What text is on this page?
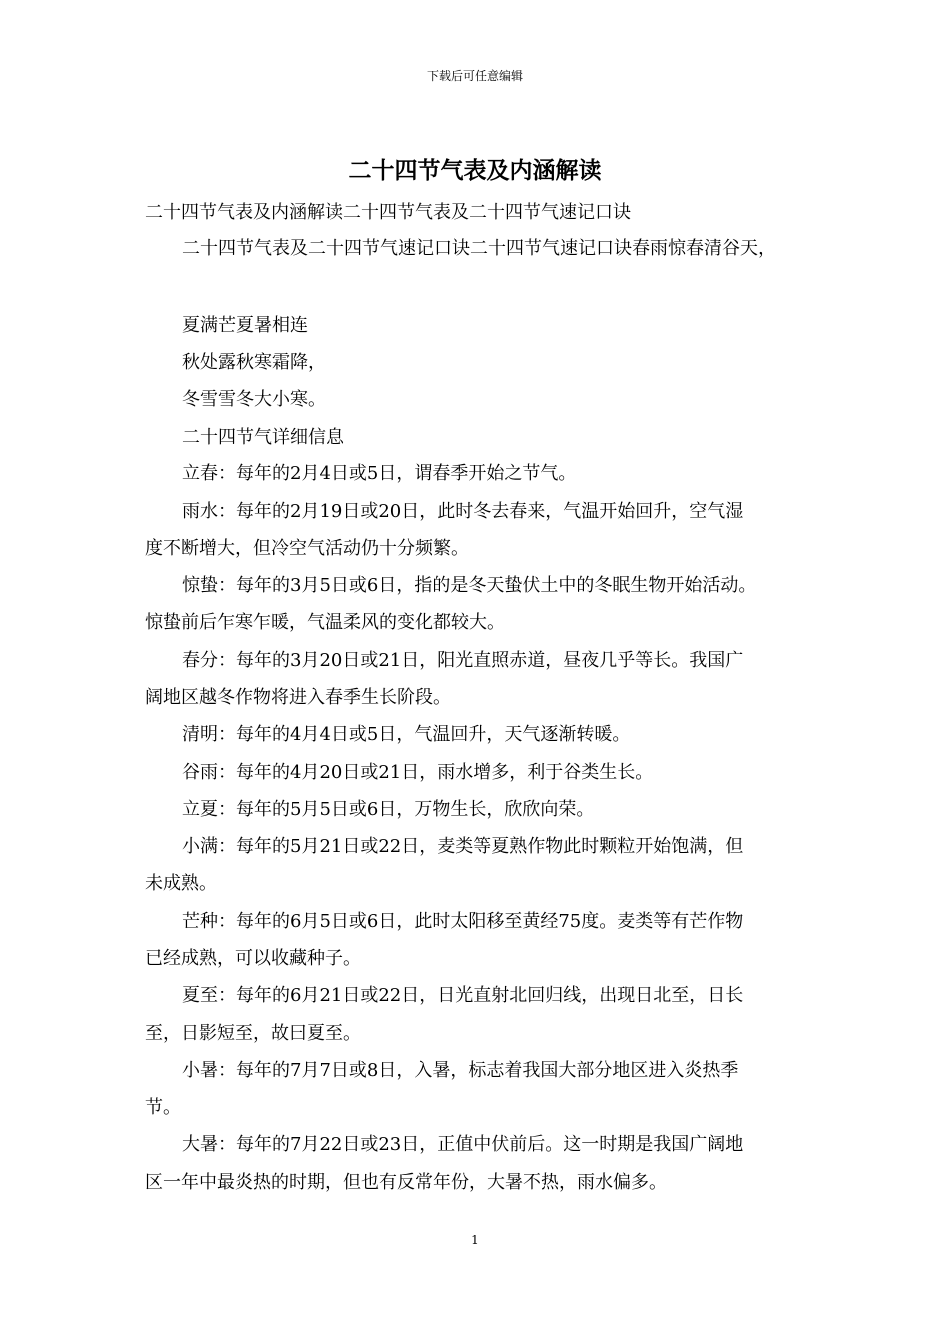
下载后可任意编辑
二十四节气表及内涵解读
二十四节气表及内涵解读二十四节气表及二十四节气速记口诀
二十四节气表及二十四节气速记口诀二十四节气速记口诀春雨惊春清谷天，
夏满芒夏暑相连
秋处露秋寒霜降，
冬雪雪冬大小寒。
二十四节气详细信息
立春：每年的2月4日或5日，谓春季开始之节气。
雨水：每年的2月19日或20日，此时冬去春来，气温开始回升，空气湿
度不断增大，但冷空气活动仍十分频繁。
惊蛰：每年的3月5日或6日，指的是冬天蛰伏土中的冬眠生物开始活动。
惊蛰前后乍寒乍暖，气温柔风的变化都较大。
春分：每年的3月20日或21日，阳光直照赤道，昼夜几乎等长。我国广
阔地区越冬作物将进入春季生长阶段。
清明：每年的4月4日或5日，气温回升，天气逐渐转暖。
谷雨：每年的4月20日或21日，雨水增多，利于谷类生长。
立夏：每年的5月5日或6日，万物生长，欣欣向荣。
小满：每年的5月21日或22日，麦类等夏熟作物此时颗粒开始饱满，但
未成熟。
芒种：每年的6月5日或6日，此时太阳移至黄经75度。麦类等有芒作物
已经成熟，可以收藏种子。
夏至：每年的6月21日或22日，日光直射北回归线，出现日北至，日长
至，日影短至，故曰夏至。
小暑：每年的7月7日或8日，入暑，标志着我国大部分地区进入炎热季
节。
大暑：每年的7月22日或23日，正值中伏前后。这一时期是我国广阔地
区一年中最炎热的时期，但也有反常年份，大暑不热，雨水偏多。
1
